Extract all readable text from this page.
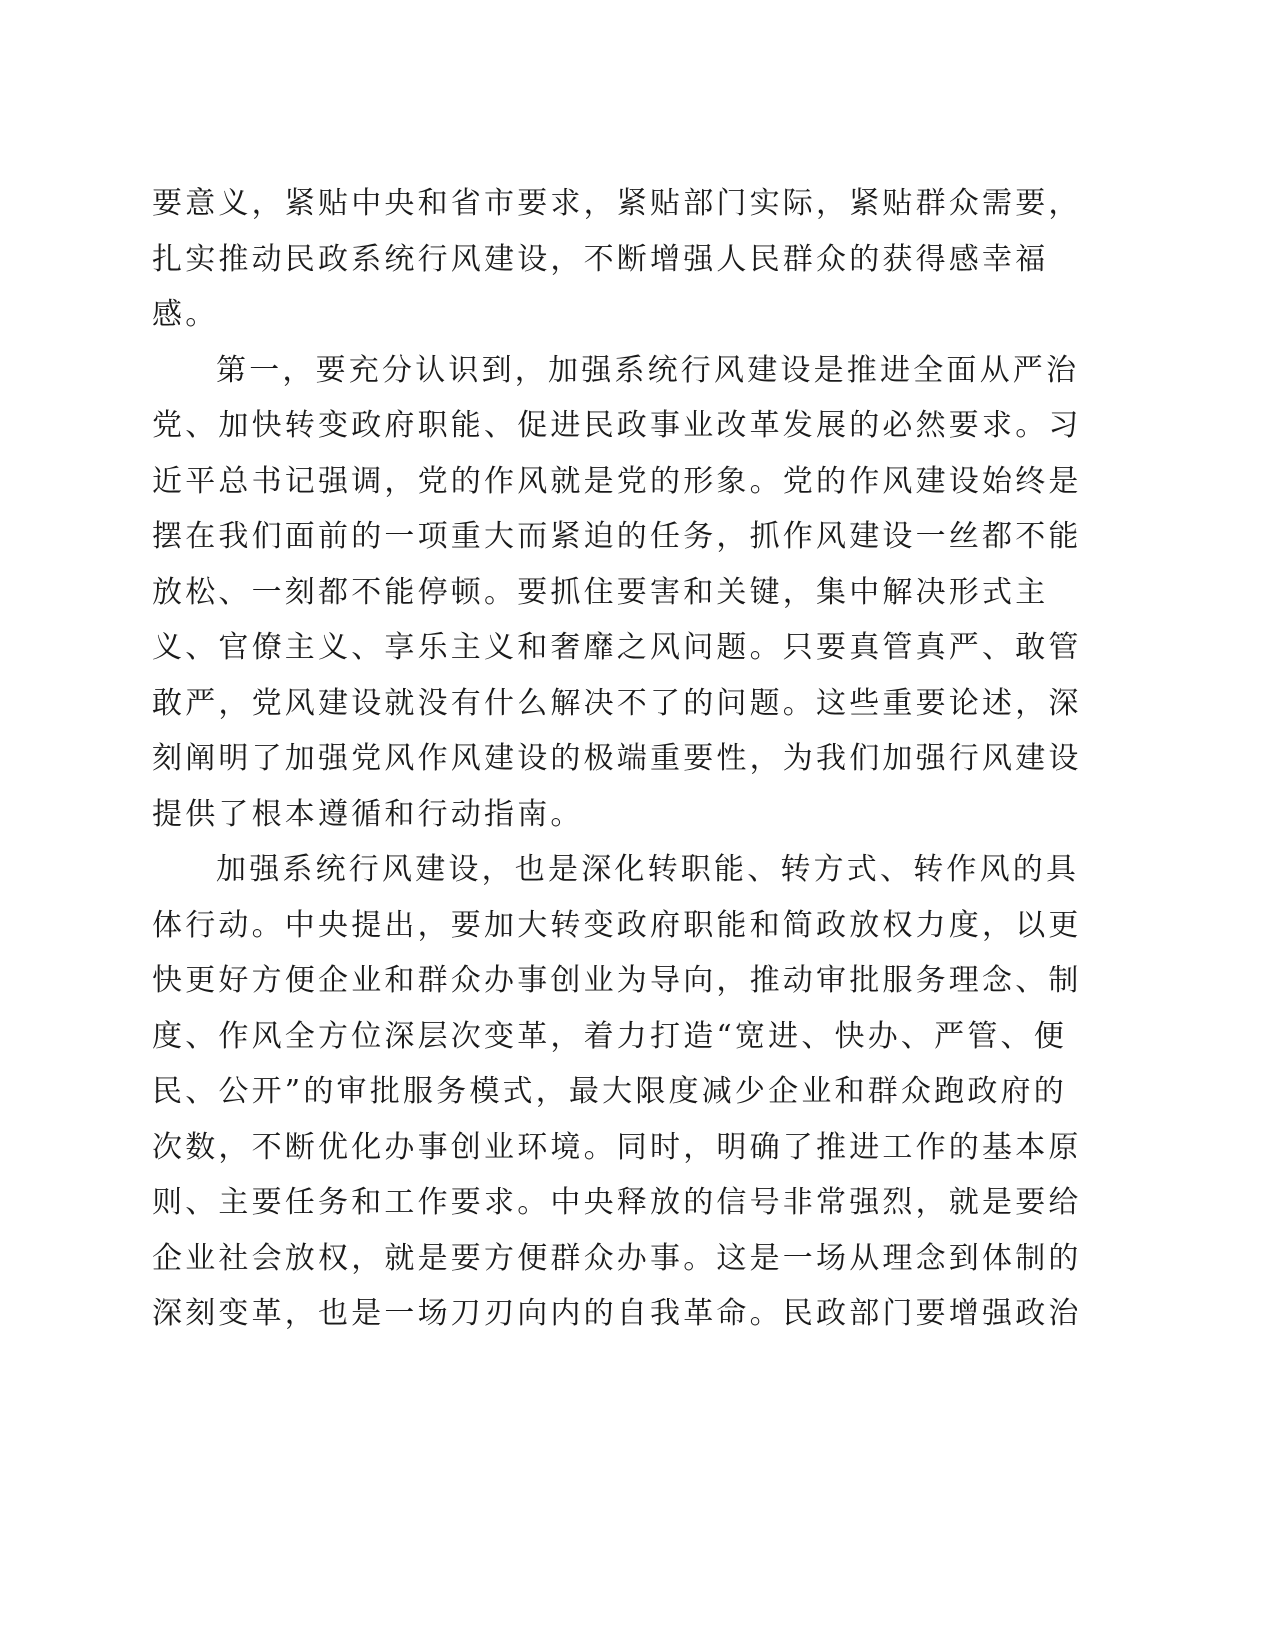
要意义，紧贴中央和省市要求，紧贴部门实际，紧贴群众需要，
扎实推动民政系统行风建设，不断增强人民群众的获得感幸福
感。
第一，要充分认识到，加强系统行风建设是推进全面从严治
党、加快转变政府职能、促进民政事业改革发展的必然要求。习
近平总书记强调，党的作风就是党的形象。党的作风建设始终是
摆在我们面前的一项重大而紧迫的任务，抓作风建设一丝都不能
放松、一刻都不能停顿。要抓住要害和关键，集中解决形式主
义、官僚主义、享乐主义和奢靡之风问题。只要真管真严、敢管
敢严，党风建设就没有什么解决不了的问题。这些重要论述，深
刻阐明了加强党风作风建设的极端重要性，为我们加强行风建设
提供了根本遵循和行动指南。
加强系统行风建设，也是深化转职能、转方式、转作风的具
体行动。中央提出，要加大转变政府职能和简政放权力度，以更
快更好方便企业和群众办事创业为导向，推动审批服务理念、制
度、作风全方位深层次变革，着力打造“宽进、快办、严管、便
民、公开”的审批服务模式，最大限度减少企业和群众跑政府的
次数，不断优化办事创业环境。同时，明确了推进工作的基本原
则、主要任务和工作要求。中央释放的信号非常强烈，就是要给
企业社会放权，就是要方便群众办事。这是一场从理念到体制的
深刻变革，也是一场刀刃向内的自我革命。民政部门要增强政治
